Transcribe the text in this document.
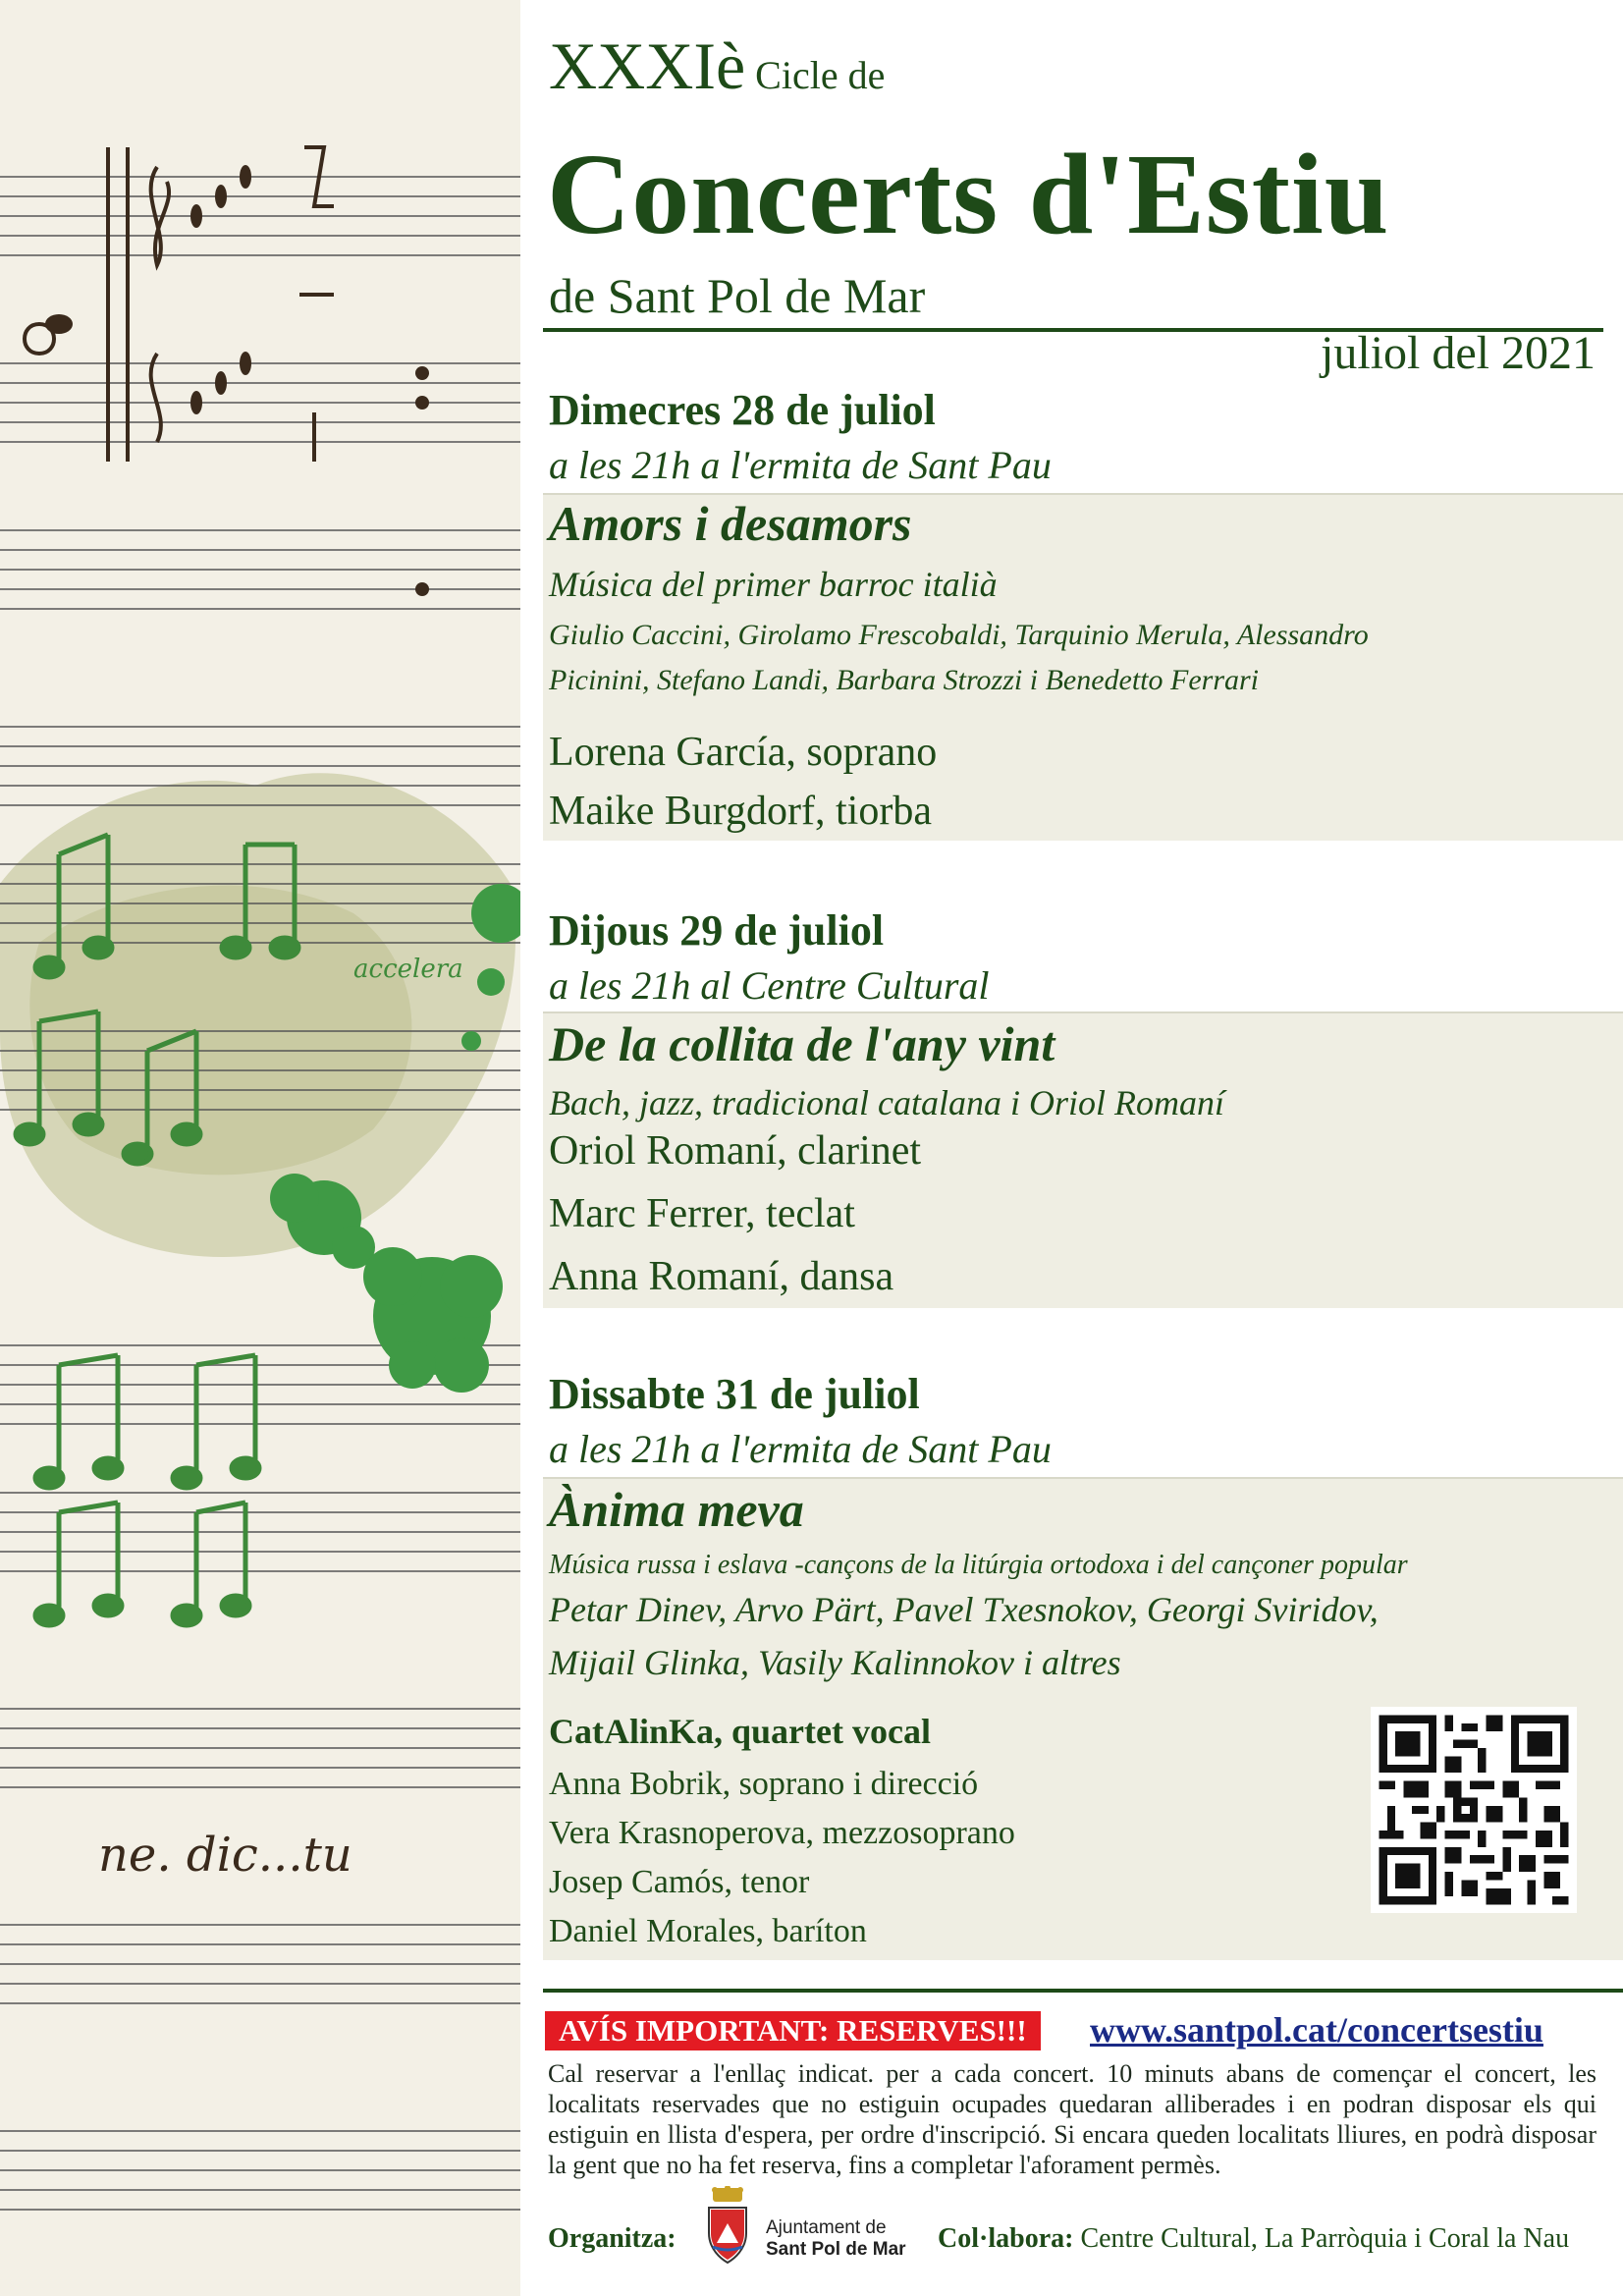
ne. dic...tu
accelera
XXXIè Cicle de
Concerts d'Estiu
de Sant Pol de Mar
juliol del 2021
Dimecres 28 de juliol
a les 21h a l'ermita de Sant Pau
Amors i desamors
Música del primer barroc italià
Giulio Caccini, Girolamo Frescobaldi, Tarquinio Merula, Alessandro
Picinini, Stefano Landi, Barbara Strozzi i Benedetto Ferrari
Lorena García, soprano
Maike Burgdorf, tiorba
Dijous 29 de juliol
a les 21h al Centre Cultural
De la collita de l'any vint
Bach, jazz, tradicional catalana i Oriol Romaní
Oriol Romaní, clarinet
Marc Ferrer, teclat
Anna Romaní, dansa
Dissabte 31 de juliol
a les 21h a l'ermita de Sant Pau
Ànima meva
Música russa i eslava -cançons de la litúrgia ortodoxa i del cançoner popular
Petar Dinev, Arvo Pärt, Pavel Txesnokov, Georgi Sviridov,
Mijail Glinka, Vasily Kalinnokov i altres
CatAlinKa, quartet vocal
Anna Bobrik, soprano i direcció
Vera Krasnoperova, mezzosoprano
Josep Camós, tenor
Daniel Morales, baríton
AVÍS IMPORTANT: RESERVES!!!	www.santpol.cat/concertsestiu
Cal reservar a l'enllaç indicat. per a cada concert. 10 minuts abans de començar el concert, les localitats reservades que no estiguin ocupades quedaran alliberades i en podran disposar els qui estiguin en llista d'espera, per ordre d'inscripció. Si encara queden localitats lliures, en podrà disposar la gent que no ha fet reserva, fins a completar l'aforament permès.
Organitza:	Ajuntament de
Sant Pol de Mar Col·labora: Centre Cultural, La Parròquia i Coral la Nau
